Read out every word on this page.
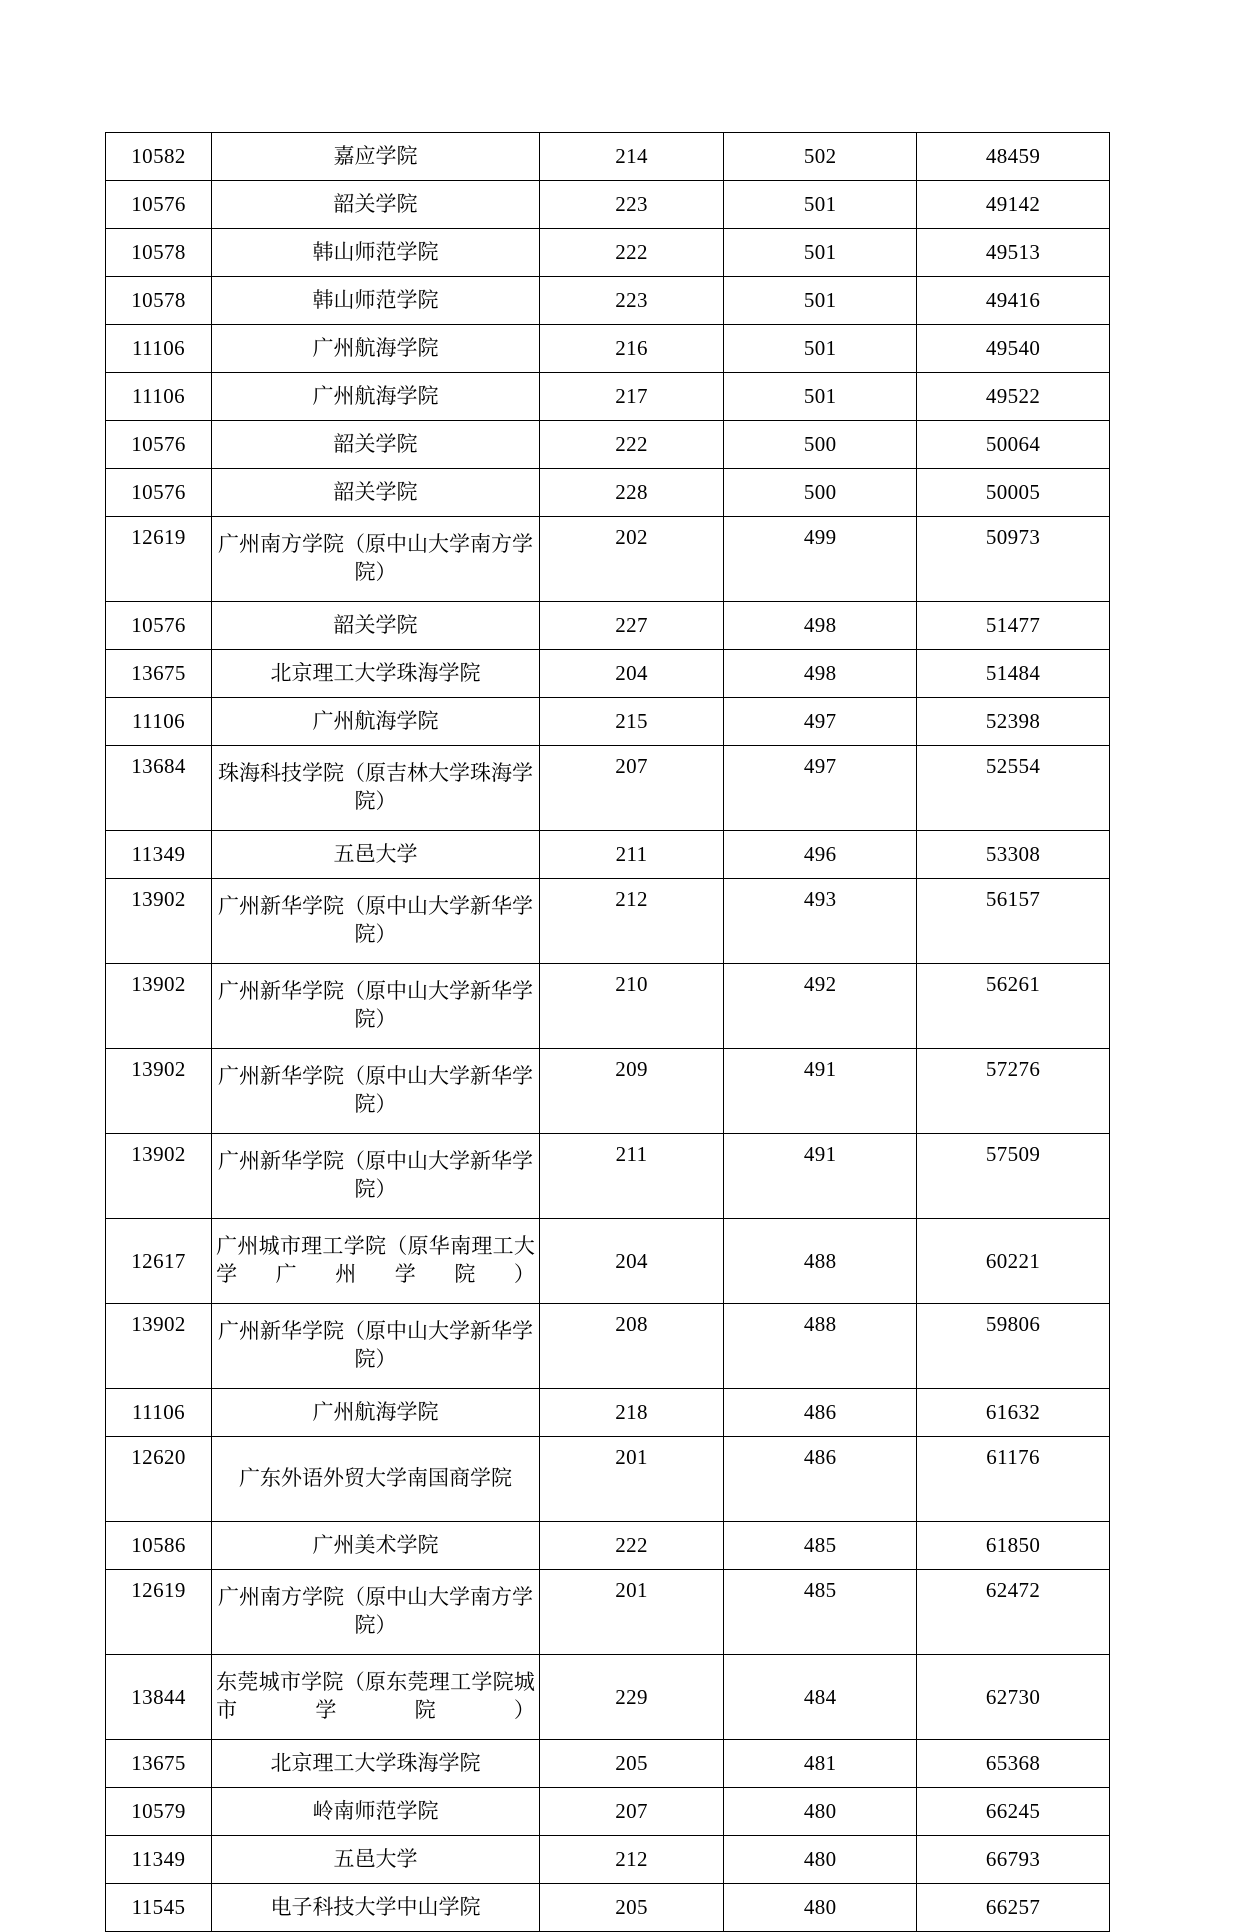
10582	嘉应学院	214	502	48459
10576	韶关学院	223	501	49142
10578	韩山师范学院	222	501	49513
10578	韩山师范学院	223	501	49416
11106	广州航海学院	216	501	49540
11106	广州航海学院	217	501	49522
10576	韶关学院	222	500	50064
10576	韶关学院	228	500	50005
12619	广州南方学院（原中山大学南方学院）	202	499	50973
10576	韶关学院	227	498	51477
13675	北京理工大学珠海学院	204	498	51484
11106	广州航海学院	215	497	52398
13684	珠海科技学院（原吉林大学珠海学院）	207	497	52554
11349	五邑大学	211	496	53308
13902	广州新华学院（原中山大学新华学院）	212	493	56157
13902	广州新华学院（原中山大学新华学院）	210	492	56261
13902	广州新华学院（原中山大学新华学院）	209	491	57276
13902	广州新华学院（原中山大学新华学院）	211	491	57509
12617	广州城市理工学院（原华南理工大学广州学院）	204	488	60221
13902	广州新华学院（原中山大学新华学院）	208	488	59806
11106	广州航海学院	218	486	61632
12620	广东外语外贸大学南国商学院	201	486	61176
10586	广州美术学院	222	485	61850
12619	广州南方学院（原中山大学南方学院）	201	485	62472
13844	东莞城市学院（原东莞理工学院城市学院）	229	484	62730
13675	北京理工大学珠海学院	205	481	65368
10579	岭南师范学院	207	480	66245
11349	五邑大学	212	480	66793
11545	电子科技大学中山学院	205	480	66257
